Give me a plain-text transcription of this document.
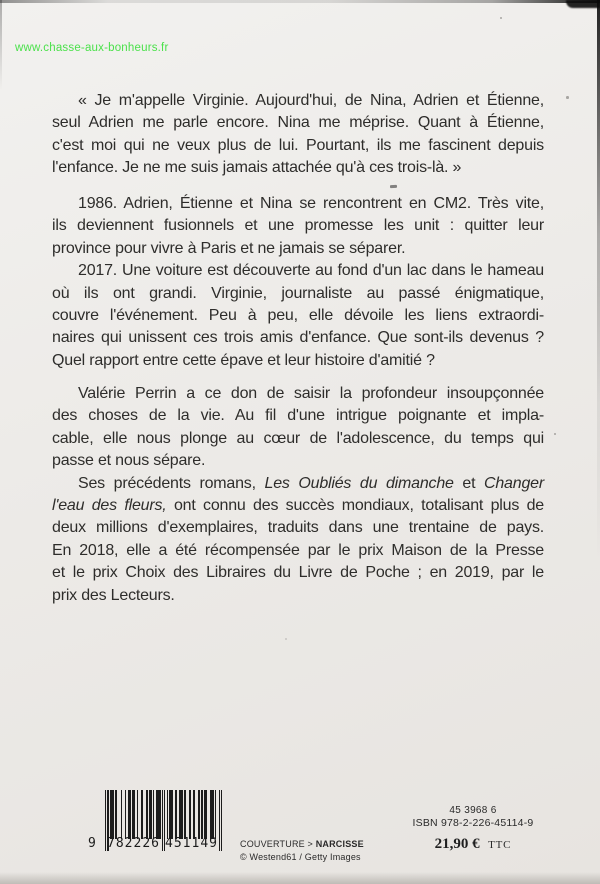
www.chasse-aux-bonheurs.fr
« Je m'appelle Virginie. Aujourd'hui, de Nina, Adrien et Étienne,
seul Adrien me parle encore. Nina me méprise. Quant à Étienne,
c'est moi qui ne veux plus de lui. Pourtant, ils me fascinent depuis
l'enfance. Je ne me suis jamais attachée qu'à ces trois-là. »
1986. Adrien, Étienne et Nina se rencontrent en CM2. Très vite,
ils deviennent fusionnels et une promesse les unit : quitter leur
province pour vivre à Paris et ne jamais se séparer.
2017. Une voiture est découverte au fond d'un lac dans le hameau
où ils ont grandi. Virginie, journaliste au passé énigmatique,
couvre l'événement. Peu à peu, elle dévoile les liens extraordi-
naires qui unissent ces trois amis d'enfance. Que sont-ils devenus ?
Quel rapport entre cette épave et leur histoire d'amitié ?
Valérie Perrin a ce don de saisir la profondeur insoupçonnée
des choses de la vie. Au fil d'une intrigue poignante et impla-
cable, elle nous plonge au cœur de l'adolescence, du temps qui
passe et nous sépare.
Ses précédents romans, Les Oubliés du dimanche et Changer
l'eau des fleurs, ont connu des succès mondiaux, totalisant plus de
deux millions d'exemplaires, traduits dans une trentaine de pays.
En 2018, elle a été récompensée par le prix Maison de la Presse
et le prix Choix des Libraires du Livre de Poche ; en 2019, par le
prix des Lecteurs.
9 782226 451149 COUVERTURE > NARCISSE
© Westend61 / Getty Images
45 3968 6
ISBN 978-2-226-45114-9
21,90 € TTC
